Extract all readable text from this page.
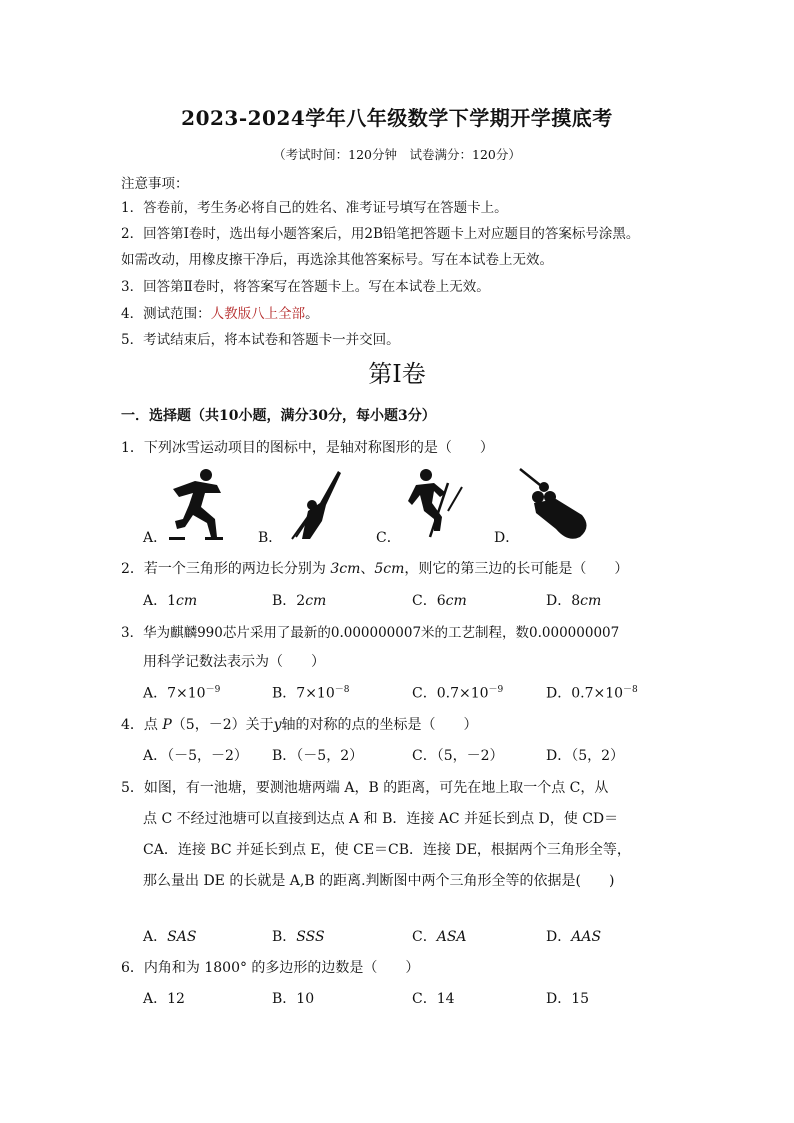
2023-2024学年八年级数学下学期开学摸底考
（考试时间：120分钟　试卷满分：120分）
注意事项：
1．答卷前，考生务必将自己的姓名、准考证号填写在答题卡上。
2．回答第Ⅰ卷时，选出每小题答案后，用2B铅笔把答题卡上对应题目的答案标号涂黑。
如需改动，用橡皮擦干净后，再选涂其他答案标号。写在本试卷上无效。
3．回答第Ⅱ卷时，将答案写在答题卡上。写在本试卷上无效。
4．测试范围：人教版八上全部。
5．考试结束后，将本试卷和答题卡一并交回。
第Ⅰ卷
一．选择题（共10小题，满分30分，每小题3分）
1．下列冰雪运动项目的图标中，是轴对称图形的是（　　）
A．	B．	C．	D．
2．若一个三角形的两边长分别为 3cm、5cm，则它的第三边的长可能是（　　）
A．1cm	B．2cm	C．6cm	D．8cm
3．华为麒麟990芯片采用了最新的0.000000007米的工艺制程，数0.000000007
用科学记数法表示为（　　）
A．$7\times 10^{-9}$	B．$7\times 10^{-8}$	C．$0.7\times 10^{-9}$	D．$0.7\times 10^{-8}$
4．点 P（5，－2）关于y轴的对称的点的坐标是（　　）
A．（－5，－2） B．（－5，2）	C．（5，－2）	D．（5，2）
5．如图，有一池塘，要测池塘两端 A，B 的距离，可先在地上取一个点 C，从
点 C 不经过池塘可以直接到达点 A 和 B．连接 AC 并延长到点 D，使 CD＝
CA．连接 BC 并延长到点 E，使 CE＝CB．连接 DE，根据两个三角形全等，
那么量出 DE 的长就是 A,B 的距离.判断图中两个三角形全等的依据是(　　)
A．SAS	B．SSS	C．ASA	D．AAS
6．内角和为 1800° 的多边形的边数是（　　）
A．12	B．10	C．14	D．15
